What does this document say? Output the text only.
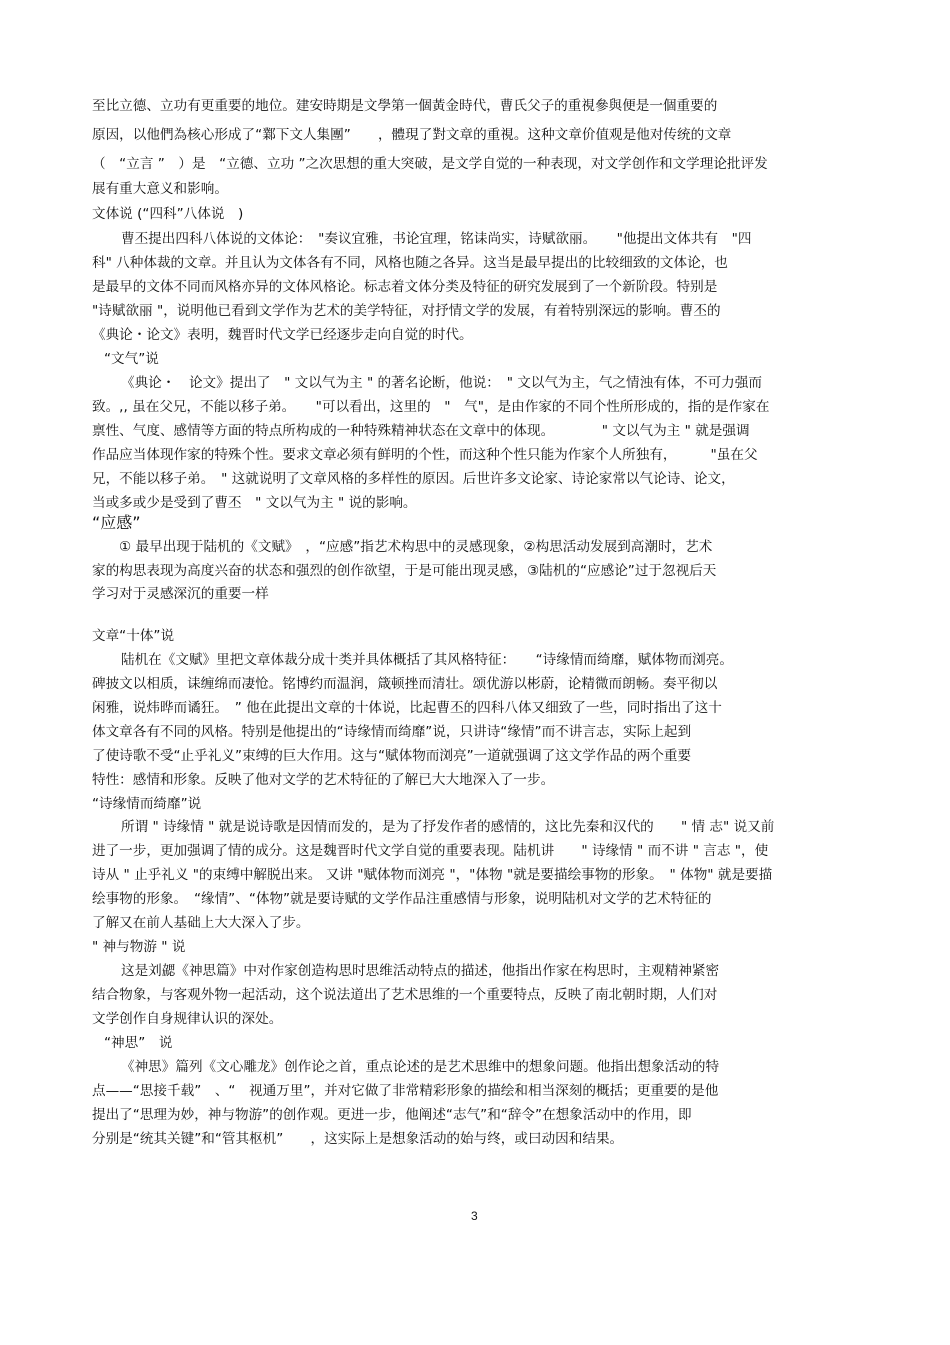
至比立德、立功有更重要的地位。建安時期是文學第一個黃金時代，曹氏父子的重視參與便是一個重要的
原因，以他們為核心形成了“鄴下文人集團”　　，體現了對文章的重視。这种文章价值观是他对传统的文章
（　“立言 ”　）是　“立德、立功 ”之次思想的重大突破，是文学自觉的一种表现，对文学创作和文学理论批评发
展有重大意义和影响。
文体说 (“四科”八体说　)
曹丕提出四科八体说的文体论：　"奏议宜雅，书论宜理，铭诔尚实，诗赋欲丽。　　"他提出文体共有　"四
科" 八种体裁的文章。并且认为文体各有不同，风格也随之各异。这当是最早提出的比较细致的文体论，也
是最早的文体不同而风格亦异的文体风格论。标志着文体分类及特征的研究发展到了一个新阶段。特别是
"诗赋欲丽 "，说明他已看到文学作为艺术的美学特征，对抒情文学的发展，有着特别深远的影响。曹丕的
《典论・论文》表明，魏晋时代文学已经逐步走向自觉的时代。
“文气”说
《典论・　论文》提出了　" 文以气为主 " 的著名论断，他说：　" 文以气为主，气之情浊有体，不可力强而
致。,, 虽在父兄，不能以移子弟。　　"可以看出，这里的　"　气"，是由作家的不同个性所形成的，指的是作家在
禀性、气度、感情等方面的特点所构成的一种特殊精神状态在文章中的体现。　　　　" 文以气为主 " 就是强调
作品应当体现作家的特殊个性。要求文章必须有鲜明的个性，而这种个性只能为作家个人所独有，　　　"虽在父
兄，不能以移子弟。　" 这就说明了文章风格的多样性的原因。后世许多文论家、诗论家常以气论诗、论文，
当或多或少是受到了曹丕　" 文以气为主 " 说的影响。
“应感”
① 最早出现于陆机的《文赋》　，“应感”指艺术构思中的灵感现象，②构思活动发展到高潮时，艺术
家的构思表现为高度兴奋的状态和强烈的创作欲望，于是可能出现灵感，③陆机的“应感论”过于忽视后天
学习对于灵感深沉的重要一样
文章“十体”说
陆机在《文赋》里把文章体裁分成十类并具体概括了其风格特征：　　“诗缘情而绮靡，赋体物而浏亮。
碑披文以相质，诔缠绵而凄怆。铭博约而温润，箴顿挫而清壮。颂优游以彬蔚，论精微而朗畅。奏平彻以
闲雅，说炜晔而谲狂。　” 他在此提出文章的十体说，比起曹丕的四科八体又细致了一些，同时指出了这十
体文章各有不同的风格。特别是他提出的“诗缘情而绮靡”说，只讲诗“缘情”而不讲言志，实际上起到
了使诗歌不受“止乎礼义”束缚的巨大作用。这与“赋体物而浏亮”一道就强调了这文学作品的两个重要
特性：感情和形象。反映了他对文学的艺术特征的了解已大大地深入了一步。
“诗缘情而绮靡”说
所谓 " 诗缘情 " 就是说诗歌是因情而发的，是为了抒发作者的感情的，这比先秦和汉代的　　" 情 志" 说又前
进了一步，更加强调了情的成分。这是魏晋时代文学自觉的重要表现。陆机讲　　" 诗缘情 " 而不讲 " 言志 "，使
诗从 " 止乎礼义 "的束缚中解脱出来。 又讲 "赋体物而浏亮 "，"体物 "就是要描绘事物的形象。　" 体物" 就是要描
绘事物的形象。　“缘情”、“体物”就是要诗赋的文学作品注重感情与形象，说明陆机对文学的艺术特征的
了解又在前人基础上大大深入了步。
" 神与物游 " 说
这是刘勰《神思篇》中对作家创造构思时思维活动特点的描述，他指出作家在构思时，主观精神紧密
结合物象，与客观外物一起活动，这个说法道出了艺术思维的一个重要特点，反映了南北朝时期，人们对
文学创作自身规律认识的深处。
“神思”　说
《神思》篇列《文心雕龙》创作论之首，重点论述的是艺术思维中的想象问题。他指出想象活动的特
点——“思接千载”　、“　视通万里”，并对它做了非常精彩形象的描绘和相当深刻的概括；更重要的是他
提出了“思理为妙，神与物游”的创作观。更进一步，他阐述“志气”和“辞令”在想象活动中的作用，即
分别是“统其关键”和“管其枢机”　　，这实际上是想象活动的始与终，或曰动因和结果。
3
